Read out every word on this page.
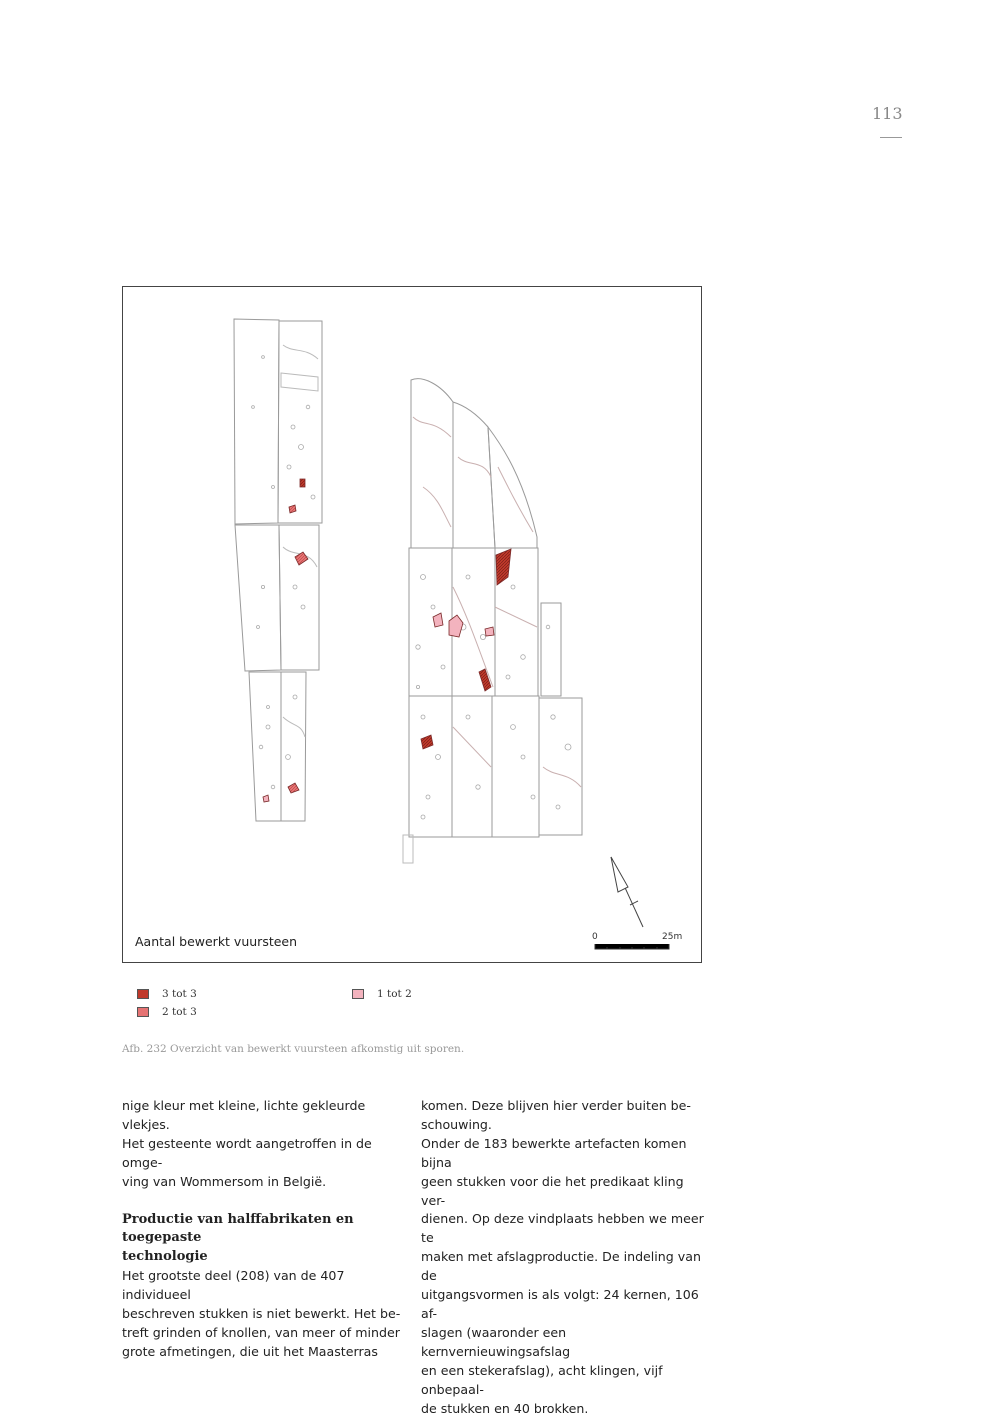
113
0	25m
Aantal bewerkt vuursteen
3 tot 3
2 tot 3
1 tot 2
Afb. 232 Overzicht van bewerkt vuursteen afkomstig uit sporen.

nige kleur met kleine, lichte gekleurde vlekjes.
Het gesteente wordt aangetroffen in de omge-
ving van Wommersom in België.

Productie van halffabrikaten en toegepaste
technologie

Het grootste deel (208) van de 407 individueel
beschreven stukken is niet bewerkt. Het be-
treft grinden of knollen, van meer of minder
grote afmetingen, die uit het Maasterras

komen. Deze blijven hier verder buiten be-
schouwing.

Onder de 183 bewerkte artefacten komen bijna
geen stukken voor die het predikaat kling ver-
dienen. Op deze vindplaats hebben we meer te
maken met afslagproductie. De indeling van de
uitgangsvormen is als volgt: 24 kernen, 106 af-
slagen (waaronder een kernvernieuwingsafslag
en een stekerafslag), acht klingen, vijf onbepaal-
de stukken en 40 brokken.
